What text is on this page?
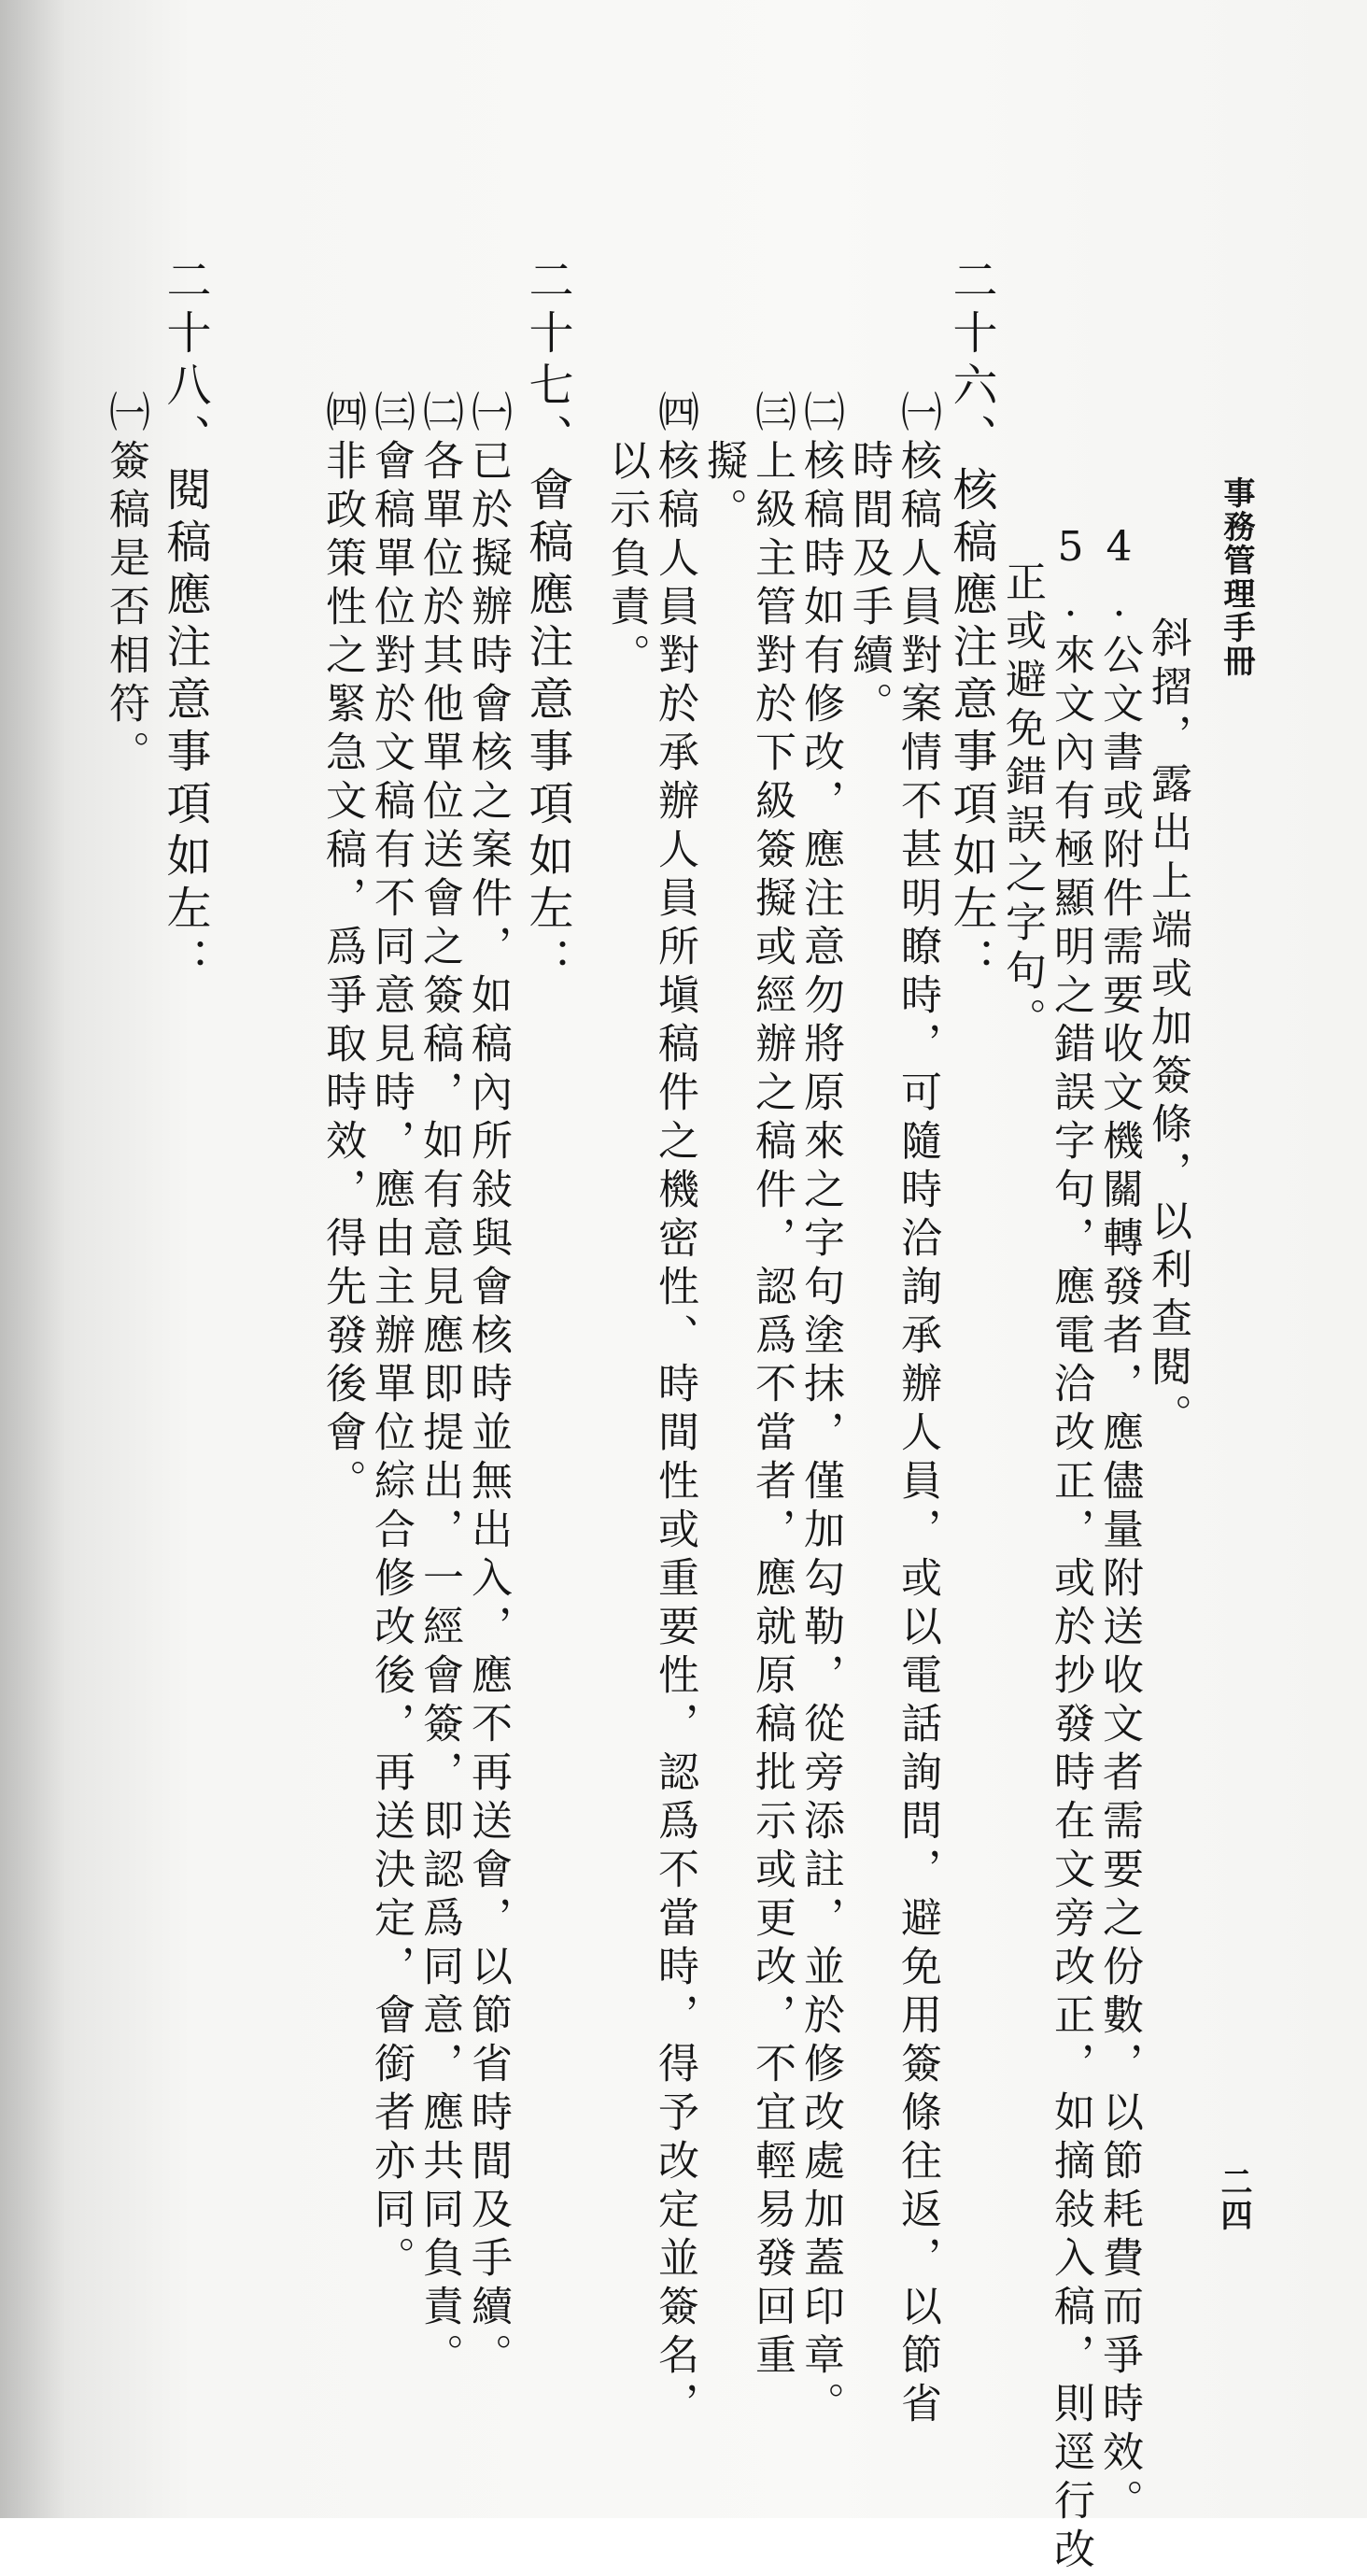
事務管理手冊
二四
斜摺，露出上端或加簽條，以利查閱。
4.公文書或附件需要收文機關轉發者，應儘量附送收文者需要之份數，以節耗費而爭時效。
5.來文內有極顯明之錯誤字句，應電洽改正，或於抄發時在文旁改正，如摘敍入稿，則逕行改
正或避免錯誤之字句。
二十六、核稿應注意事項如左：
㈠核稿人員對案情不甚明瞭時，可隨時洽詢承辦人員，或以電話詢問，避免用簽條往返，以節省
時間及手續。
㈡核稿時如有修改，應注意勿將原來之字句塗抹，僅加勾勒，從旁添註，並於修改處加蓋印章。
㈢上級主管對於下級簽擬或經辦之稿件，認爲不當者，應就原稿批示或更改，不宜輕易發回重
擬。
㈣核稿人員對於承辦人員所塡稿件之機密性、時間性或重要性，認爲不當時，得予改定並簽名，
以示負責。
二十七、會稿應注意事項如左：
㈠已於擬辦時會核之案件，如稿內所敍與會核時並無出入，應不再送會，以節省時間及手續。
㈡各單位於其他單位送會之簽稿，如有意見應即提出，一經會簽，即認爲同意，應共同負責。
㈢會稿單位對於文稿有不同意見時，應由主辦單位綜合修改後，再送決定，會銜者亦同。
㈣非政策性之緊急文稿，爲爭取時效，得先發後會。
二十八、閱稿應注意事項如左：
㈠簽稿是否相符。
